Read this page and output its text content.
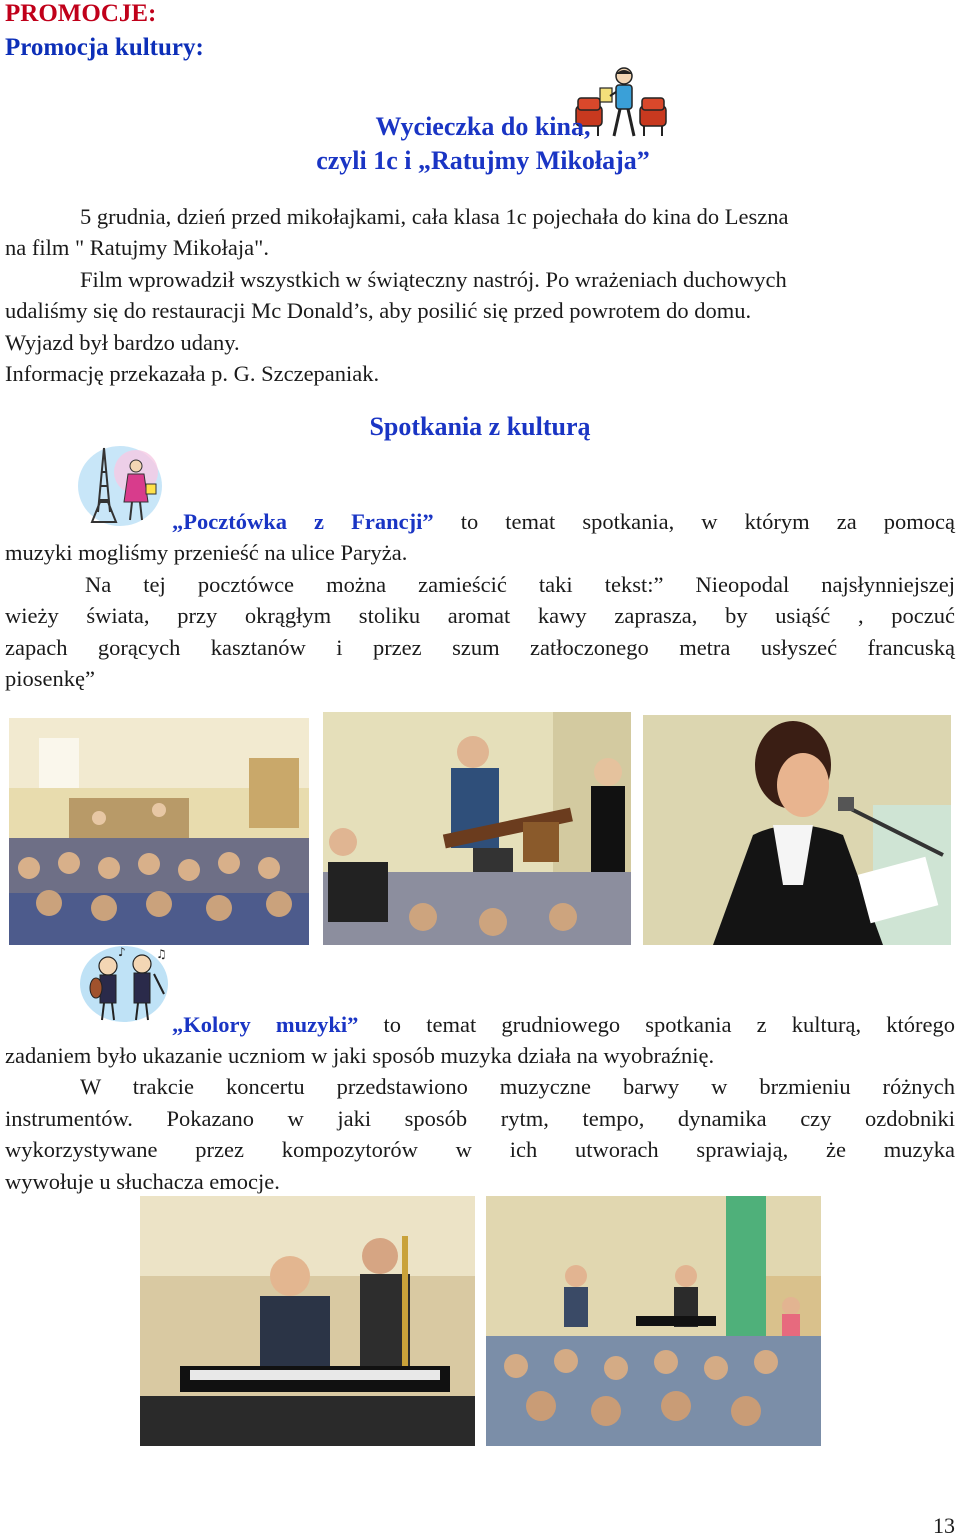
PROMOCJE:
Promocja kultury:
Wycieczka do kina,
czyli 1c i „Ratujmy Mikołaja”
5 grudnia, dzień przed mikołajkami, cała klasa 1c pojechała do kina do Leszna
na film " Ratujmy Mikołaja".
Film wprowadził wszystkich w świąteczny nastrój. Po wrażeniach duchowych
udaliśmy się do restauracji Mc Donald’s, aby posilić się przed powrotem do domu.
Wyjazd był bardzo udany.
Informację przekazała p. G. Szczepaniak.
Spotkania z kulturą
„Pocztówka z Francji” to temat spotkania, w którym za pomocą
muzyki mogliśmy przenieść na ulice Paryża.
Na tej pocztówce można zamieścić taki tekst:” Nieopodal najsłynniejszej
wieży świata, przy okrągłym stoliku aromat kawy zaprasza, by usiąść , poczuć
zapach gorących kasztanów i przez szum zatłoczonego metra usłyszeć francuską
piosenkę”
♪	♫
„Kolory muzyki” to temat grudniowego spotkania z kulturą, którego
zadaniem było ukazanie uczniom w jaki sposób muzyka działa na wyobraźnię.
W trakcie koncertu przedstawiono muzyczne barwy w brzmieniu różnych
instrumentów. Pokazano w jaki sposób rytm, tempo, dynamika czy ozdobniki
wykorzystywane przez kompozytorów w ich utworach sprawiają, że muzyka
wywołuje u słuchacza emocje.
13
